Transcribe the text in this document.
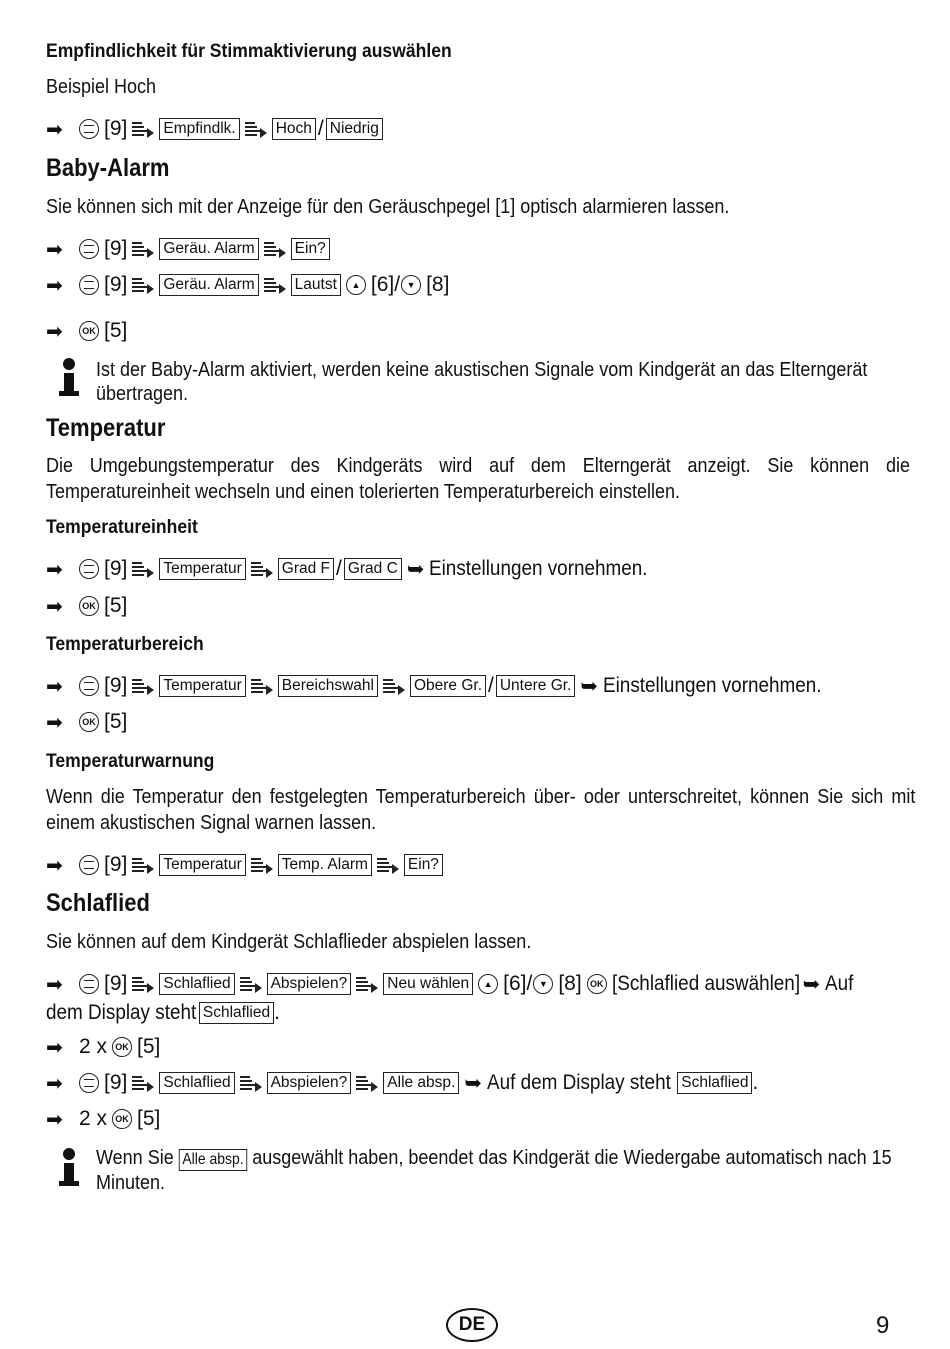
Empfindlichkeit für Stimmaktivierung auswählen
Beispiel Hoch
➡	[9] Empfindlk.	Hoch / Niedrig
Baby-Alarm
Sie können sich mit der Anzeige für den Geräuschpegel [1] optisch alarmieren lassen.
➡	[9] Geräu. Alarm	Ein?
➡	[9] Geräu. Alarm	Lautst	▲ [6]/ ▼ [8]
➡	OK [5]
Ist der Baby-Alarm aktiviert, werden keine akustischen Signale vom Kindgerät an das Elterngerät übertragen.
Temperatur
Die Umgebungstemperatur des Kindgeräts wird auf dem Elterngerät anzeigt. Sie können die Temperatureinheit wechseln und einen tolerierten Temperaturbereich einstellen.
Temperatureinheit
➡	[9] Temperatur	Grad F / Grad C ➥ Einstellungen vornehmen.
➡	OK [5]
Temperaturbereich
➡	[9] Temperatur	Bereichswahl	Obere Gr. / Untere Gr. ➥ Einstellungen vornehmen.
➡	OK [5]
Temperaturwarnung
Wenn die Temperatur den festgelegten Temperaturbereich über- oder unterschreitet, können Sie sich mit einem akustischen Signal warnen lassen.
➡	[9] Temperatur	Temp. Alarm	Ein?
Schlaflied
Sie können auf dem Kindgerät Schlaflieder abspielen lassen.
➡	[9] Schlaflied	Abspielen?	Neu wählen	▲ [6]/ ▼ [8] OK [Schlaflied auswählen] ➥ Auf
dem Display steht Schlaflied .
➡ 2 x OK [5]
➡	[9] Schlaflied	Abspielen?	Alle absp. ➥ Auf dem Display steht Schlaflied .
➡ 2 x OK [5]
Wenn Sie Alle absp. ausgewählt haben, beendet das Kindgerät die Wiedergabe automatisch nach 15 Minuten.
DE	9
